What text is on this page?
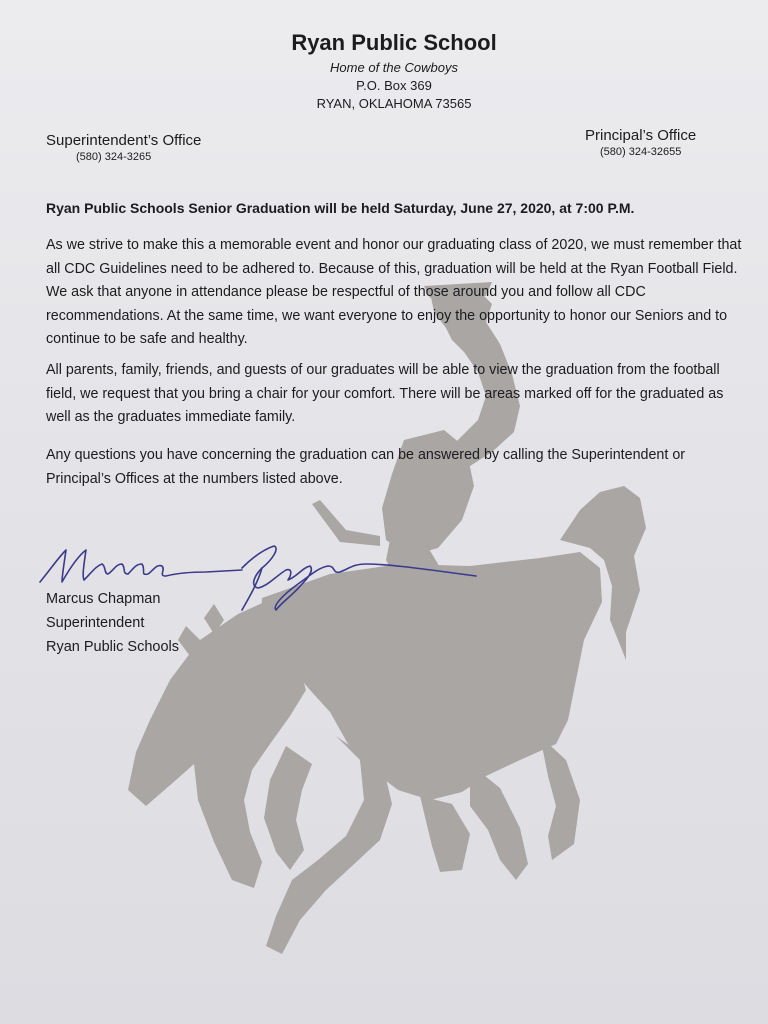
Ryan Public School
Home of the Cowboys
P.O. Box 369
RYAN, OKLAHOMA 73565
Superintendent’s Office
(580) 324-3265
Principal’s Office
(580) 324-32655
Ryan Public Schools Senior Graduation will be held Saturday, June 27, 2020, at 7:00 P.M.

As we strive to make this a memorable event and honor our graduating class of 2020, we must remember that all CDC Guidelines need to be adhered to. Because of this, graduation will be held at the Ryan Football Field. We ask that anyone in attendance please be respectful of those around you and follow all CDC recommendations. At the same time, we want everyone to enjoy the opportunity to honor our Seniors and to continue to be safe and healthy.

All parents, family, friends, and guests of our graduates will be able to view the graduation from the football field, we request that you bring a chair for your comfort. There will be areas marked off for the graduated as well as the graduates immediate family.

Any questions you have concerning the graduation can be answered by calling the Superintendent or Principal’s Offices at the numbers listed above.

Marcus Chapman
Superintendent
Ryan Public Schools
